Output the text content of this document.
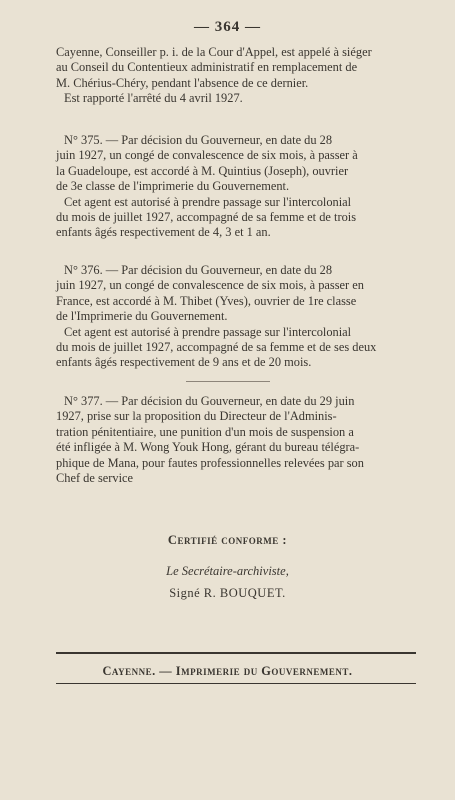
— 364 —
Cayenne, Conseiller p. i. de la Cour d'Appel, est appelé à siéger
au Conseil du Contentieux administratif en remplacement de
M. Chérius-Chéry, pendant l'absence de ce dernier.
Est rapporté l'arrêté du 4 avril 1927.
N° 375. — Par décision du Gouverneur, en date du 28
juin 1927, un congé de convalescence de six mois, à passer à
la Guadeloupe, est accordé à M. Quintius (Joseph), ouvrier
de 3e classe de l'imprimerie du Gouvernement.
Cet agent est autorisé à prendre passage sur l'intercolonial
du mois de juillet 1927, accompagné de sa femme et de trois
enfants âgés respectivement de 4, 3 et 1 an.
N° 376. — Par décision du Gouverneur, en date du 28
juin 1927, un congé de convalescence de six mois, à passer en
France, est accordé à M. Thibet (Yves), ouvrier de 1re classe
de l'Imprimerie du Gouvernement.
Cet agent est autorisé à prendre passage sur l'intercolonial
du mois de juillet 1927, accompagné de sa femme et de ses deux
enfants âgés respectivement de 9 ans et de 20 mois.
N° 377. — Par décision du Gouverneur, en date du 29 juin
1927, prise sur la proposition du Directeur de l'Adminis-
tration pénitentiaire, une punition d'un mois de suspension a
été infligée à M. Wong Youk Hong, gérant du bureau télégra-
phique de Mana, pour fautes professionnelles relevées par son
Chef de service
Certifié conforme :
Le Secrétaire-archiviste,
Signé R. BOUQUET.
Cayenne. — Imprimerie du Gouvernement.
